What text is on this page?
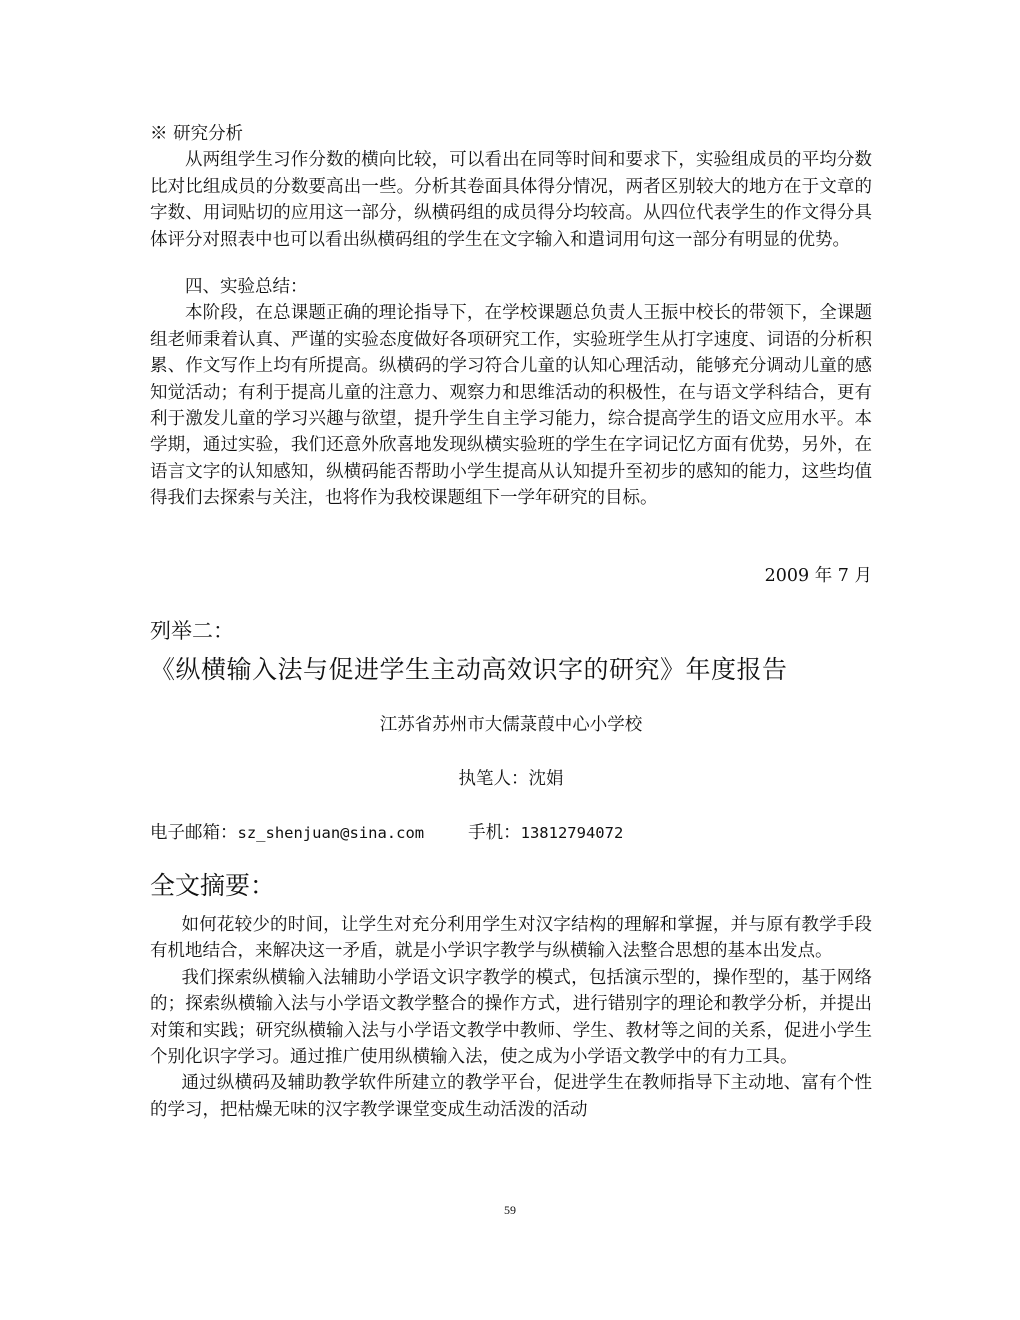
※ 研究分析

从两组学生习作分数的横向比较，可以看出在同等时间和要求下，实验组成员的平均分数比对比组成员的分数要高出一些。分析其卷面具体得分情况，两者区别较大的地方在于文章的字数、用词贴切的应用这一部分，纵横码组的成员得分均较高。从四位代表学生的作文得分具体评分对照表中也可以看出纵横码组的学生在文字输入和遣词用句这一部分有明显的优势。

四、实验总结：

本阶段，在总课题正确的理论指导下，在学校课题总负责人王振中校长的带领下，全课题组老师秉着认真、严谨的实验态度做好各项研究工作，实验班学生从打字速度、词语的分析积累、作文写作上均有所提高。纵横码的学习符合儿童的认知心理活动，能够充分调动儿童的感知觉活动；有利于提高儿童的注意力、观察力和思维活动的积极性，在与语文学科结合，更有利于激发儿童的学习兴趣与欲望，提升学生自主学习能力，综合提高学生的语文应用水平。本学期，通过实验，我们还意外欣喜地发现纵横实验班的学生在字词记忆方面有优势，另外，在语言文字的认知感知，纵横码能否帮助小学生提高从认知提升至初步的感知的能力，这些均值得我们去探索与关注，也将作为我校课题组下一学年研究的目标。

2009 年 7 月
列举二：
《纵横输入法与促进学生主动高效识字的研究》年度报告
江苏省苏州市大儒菉葭中心小学校
执笔人：沈娟
电子邮箱：sz_shenjuan@sina.com	手机：13812794072
全文摘要：

如何花较少的时间，让学生对充分利用学生对汉字结构的理解和掌握，并与原有教学手段有机地结合，来解决这一矛盾，就是小学识字教学与纵横输入法整合思想的基本出发点。

我们探索纵横输入法辅助小学语文识字教学的模式，包括演示型的，操作型的，基于网络的；探索纵横输入法与小学语文教学整合的操作方式，进行错别字的理论和教学分析，并提出对策和实践；研究纵横输入法与小学语文教学中教师、学生、教材等之间的关系，促进小学生个别化识字学习。通过推广使用纵横输入法，使之成为小学语文教学中的有力工具。

通过纵横码及辅助教学软件所建立的教学平台，促进学生在教师指导下主动地、富有个性的学习，把枯燥无味的汉字教学课堂变成生动活泼的活动

59
